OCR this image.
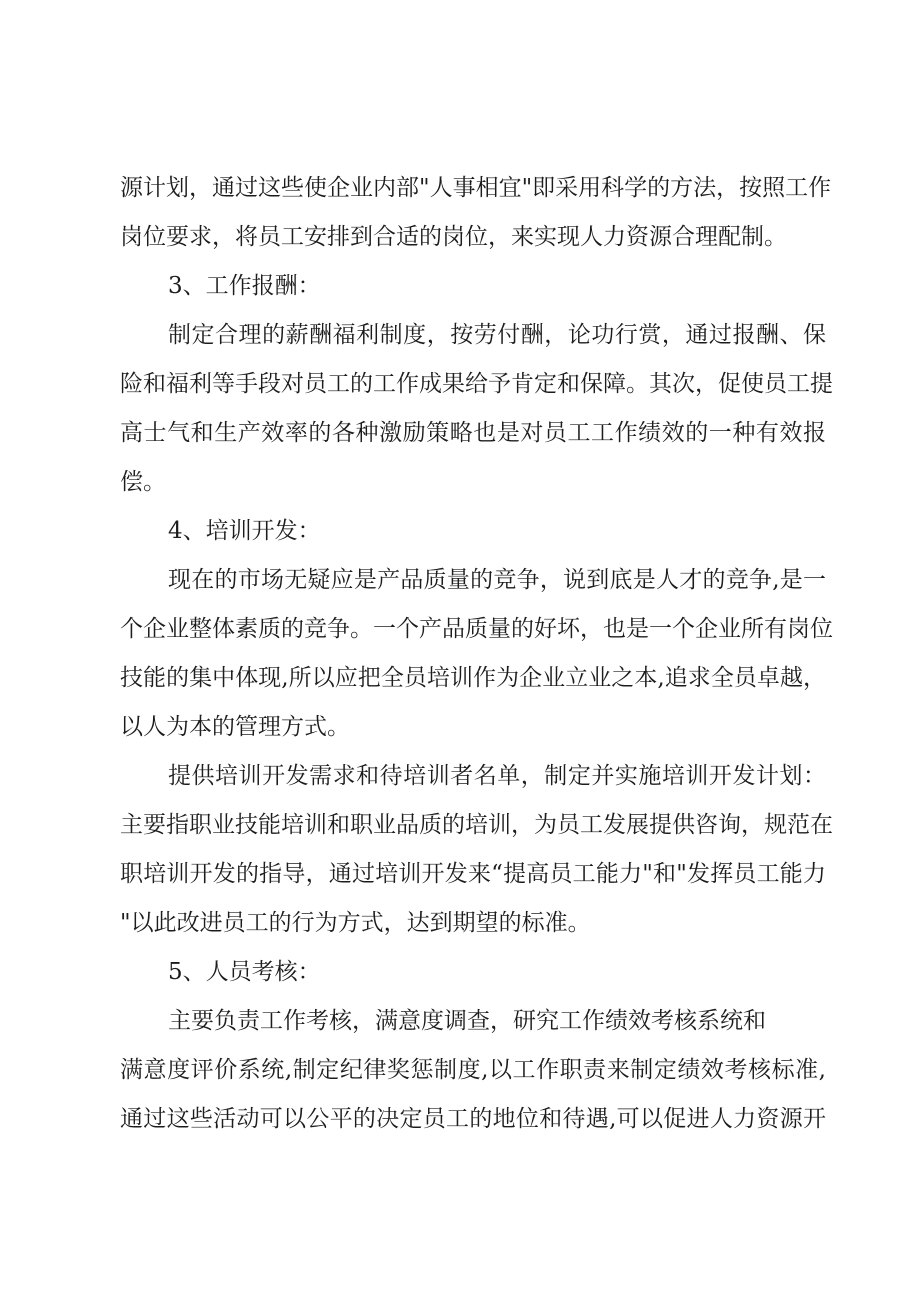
源计划，通过这些使企业内部"人事相宜"即采用科学的方法，按照工作
岗位要求，将员工安排到合适的岗位，来实现人力资源合理配制。
3、工作报酬：
制定合理的薪酬福利制度，按劳付酬，论功行赏，通过报酬、保
险和福利等手段对员工的工作成果给予肯定和保障。其次，促使员工提
高士气和生产效率的各种激励策略也是对员工工作绩效的一种有效报
偿。
4、培训开发：
现在的市场无疑应是产品质量的竞争，说到底是人才的竞争,是一
个企业整体素质的竞争。一个产品质量的好坏，也是一个企业所有岗位
技能的集中体现,所以应把全员培训作为企业立业之本,追求全员卓越，
以人为本的管理方式。
提供培训开发需求和待培训者名单，制定并实施培训开发计划：
主要指职业技能培训和职业品质的培训，为员工发展提供咨询，规范在
职培训开发的指导，通过培训开发来“提高员工能力"和"发挥员工能力
"以此改进员工的行为方式，达到期望的标准。
5、人员考核：
主要负责工作考核，满意度调查，研究工作绩效考核系统和
满意度评价系统,制定纪律奖惩制度,以工作职责来制定绩效考核标准,
通过这些活动可以公平的决定员工的地位和待遇,可以促进人力资源开
